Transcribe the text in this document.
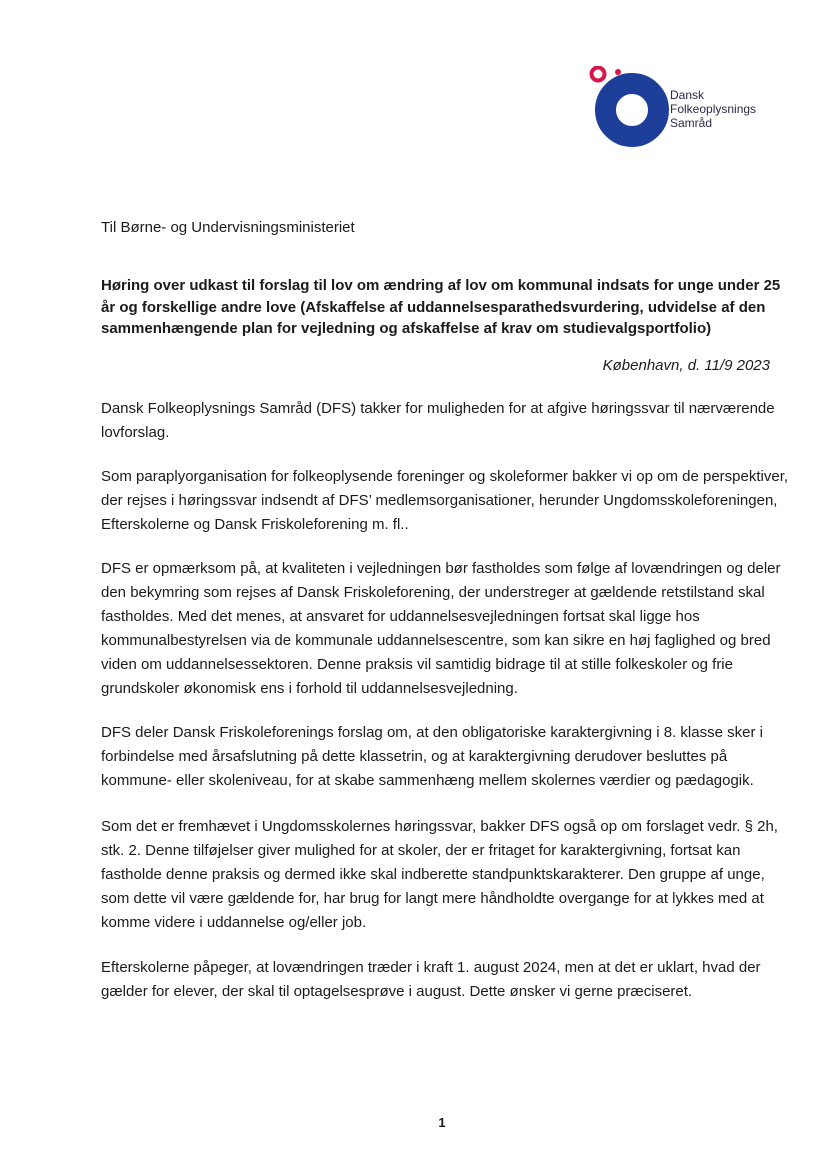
Dansk
Folkeoplysnings
Samråd
Til Børne- og Undervisningsministeriet
Høring over udkast til forslag til lov om ændring af lov om kommunal indsats for unge under 25 år og forskellige andre love (Afskaffelse af uddannelsesparathedsvurdering, udvidelse af den sammenhængende plan for vejledning og afskaffelse af krav om studievalgsportfolio)
København, d. 11/9 2023

Dansk Folkeoplysnings Samråd (DFS) takker for muligheden for at afgive høringssvar til nærværende lovforslag.

Som paraplyorganisation for folkeoplysende foreninger og skoleformer bakker vi op om de perspektiver, der rejses i høringssvar indsendt af DFS’ medlemsorganisationer, herunder Ungdomsskoleforeningen, Efterskolerne og Dansk Friskoleforening m. fl..

DFS er opmærksom på, at kvaliteten i vejledningen bør fastholdes som følge af lovændringen og deler den bekymring som rejses af Dansk Friskoleforening, der understreger at gældende retstilstand skal fastholdes. Med det menes, at ansvaret for uddannelsesvejledningen fortsat skal ligge hos kommunalbestyrelsen via de kommunale uddannelsescentre, som kan sikre en høj faglighed og bred viden om uddannelsessektoren. Denne praksis vil samtidig bidrage til at stille folkeskoler og frie grundskoler økonomisk ens i forhold til uddannelsesvejledning.

DFS deler Dansk Friskoleforenings forslag om, at den obligatoriske karaktergivning i 8. klasse sker i forbindelse med årsafslutning på dette klassetrin, og at karaktergivning derudover besluttes på kommune- eller skoleniveau, for at skabe sammenhæng mellem skolernes værdier og pædagogik.

Som det er fremhævet i Ungdomsskolernes høringssvar, bakker DFS også op om forslaget vedr. § 2h, stk. 2. Denne tilføjelser giver mulighed for at skoler, der er fritaget for karaktergivning, fortsat kan fastholde denne praksis og dermed ikke skal indberette standpunktskarakterer. Den gruppe af unge, som dette vil være gældende for, har brug for langt mere håndholdte overgange for at lykkes med at komme videre i uddannelse og/eller job.

Efterskolerne påpeger, at lovændringen træder i kraft 1. august 2024, men at det er uklart, hvad der gælder for elever, der skal til optagelsesprøve i august. Dette ønsker vi gerne præciseret.

1
